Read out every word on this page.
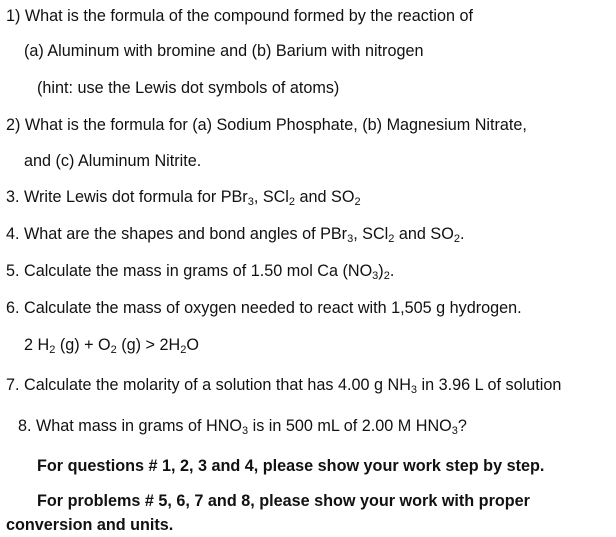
1) What is the formula of the compound formed by the reaction of
(a) Aluminum with bromine and (b) Barium with nitrogen
(hint: use the Lewis dot symbols of atoms)
2) What is the formula for (a) Sodium Phosphate, (b) Magnesium Nitrate,
and (c) Aluminum Nitrite.
3. Write Lewis dot formula for PBr$_3$, SCl$_2$ and $SO_2$
4. What are the shapes and bond angles of PBr$_3$, SCl$_2$ and $SO_2$.
5. Calculate the mass in grams of 1.50 mol Ca $(NO_3)_2$.
6. Calculate the mass of oxygen needed to react with 1,505 g hydrogen.
2 $H_2$ $(g) + O_2$ $(g) > 2H_2O$
7. Calculate the molarity of a solution that has 4.00 g $NH_3$ in 3.96 L of solution
8. What mass in grams of $HNO_3$ is in 500 mL of 2.00 M $HNO_3$?
For questions # 1, 2, 3 and 4, please show your work step by step.
For problems # 5, 6, 7 and 8, please show your work with proper
conversion and units.
